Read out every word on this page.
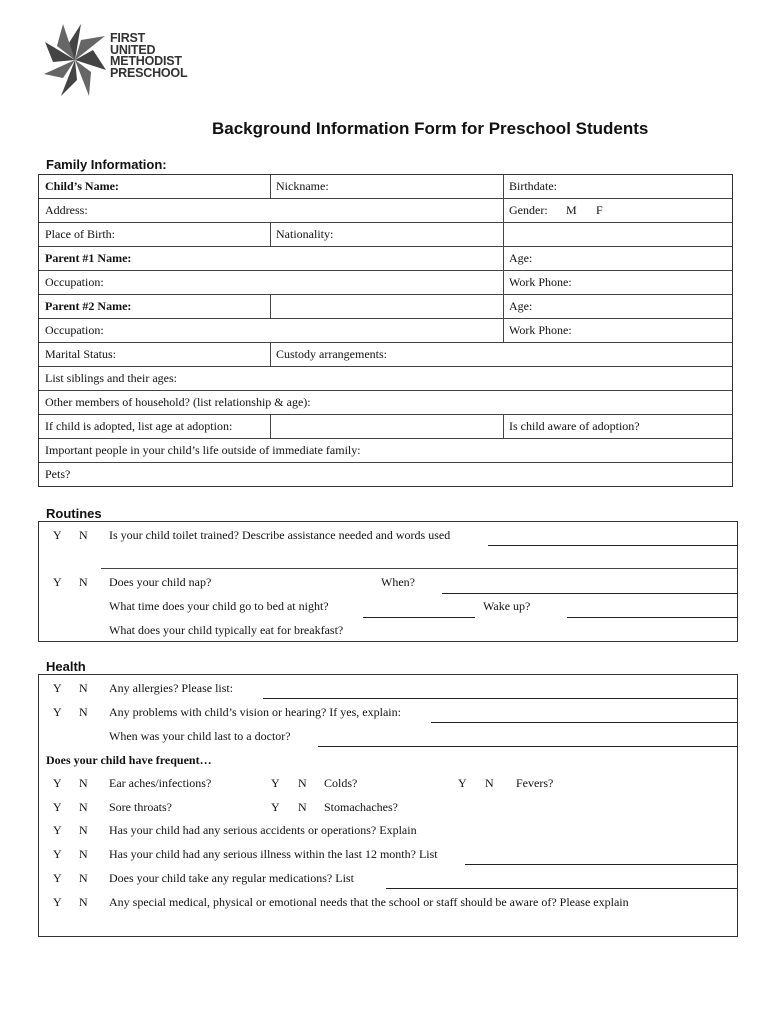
FIRST
UNITED
METHODIST
PRESCHOOL
Background Information Form for Preschool Students
Family Information:
Child’s Name:	Nickname:	Birthdate:
Address:	Gender: M F
Place of Birth:	Nationality:
Parent #1 Name:	Age:
Occupation:	Work Phone:
Parent #2 Name:	Age:
Occupation:	Work Phone:
Marital Status:	Custody arrangements:
List siblings and their ages:
Other members of household? (list relationship & age):
If child is adopted, list age at adoption:	Is child aware of adoption?
Important people in your child’s life outside of immediate family:
Pets?
Routines
Y N Is your child toilet trained? Describe assistance needed and words used
Y N Does your child nap?	When?
What time does your child go to bed at night?	Wake up?
What does your child typically eat for breakfast?
Health
Y N Any allergies? Please list:
Y N Any problems with child’s vision or hearing? If yes, explain:
When was your child last to a doctor?
Does your child have frequent…
Y N Ear aches/infections?	Y N Colds?	Y N Fevers?
Y N Sore throats?	Y N Stomachaches?
Y N Has your child had any serious accidents or operations? Explain
Y N Has your child had any serious illness within the last 12 month? List
Y N Does your child take any regular medications? List
Y N Any special medical, physical or emotional needs that the school or staff should be aware of? Please explain
